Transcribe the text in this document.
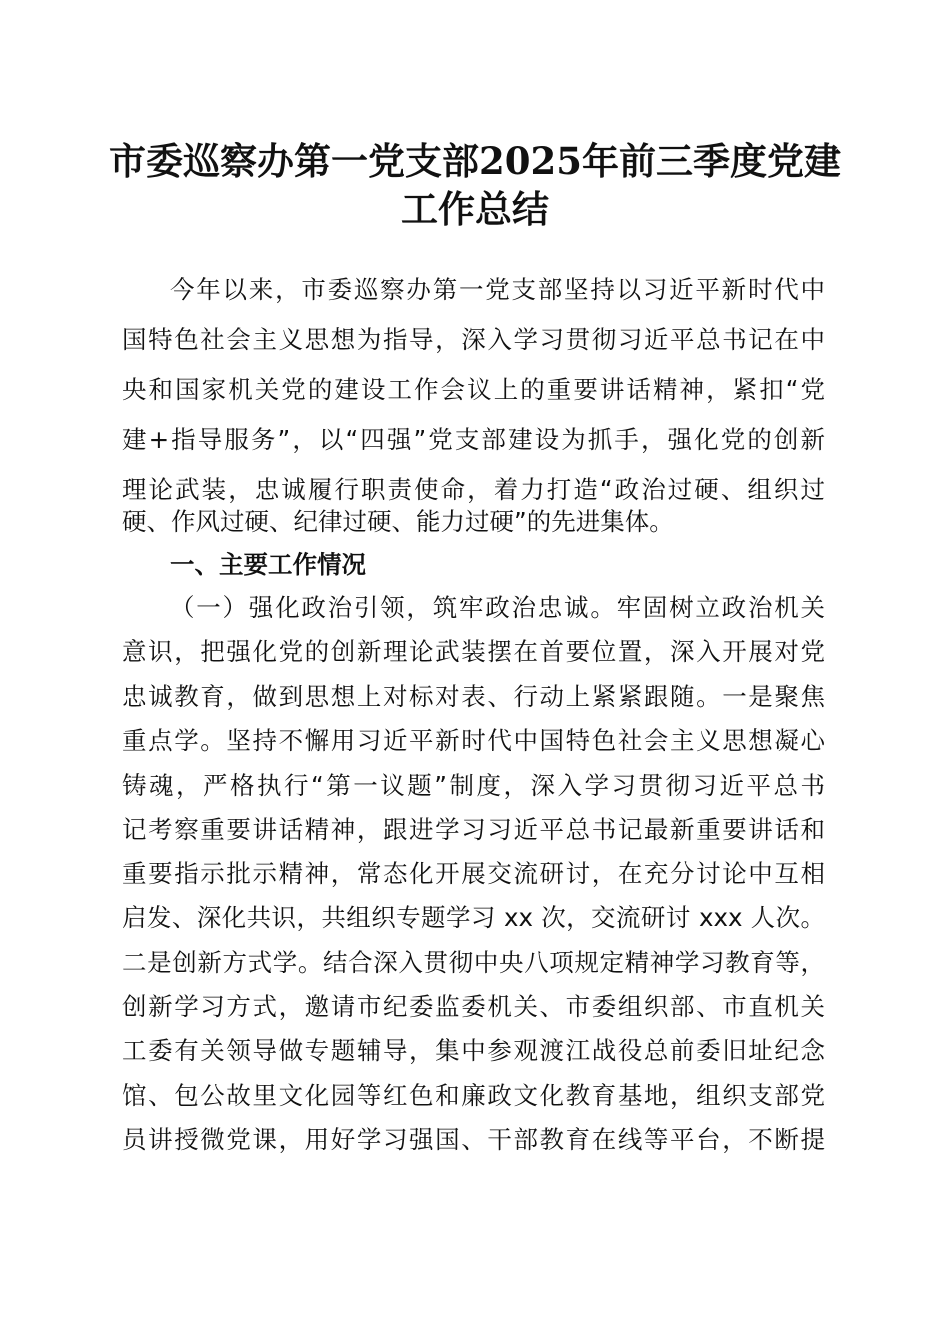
市委巡察办第一党支部2025年前三季度党建
工作总结
今年以来，市委巡察办第一党支部坚持以习近平新时代中
国特色社会主义思想为指导，深入学习贯彻习近平总书记在中
央和国家机关党的建设工作会议上的重要讲话精神，紧扣“党
建+指导服务”，以“四强”党支部建设为抓手，强化党的创新
理论武装，忠诚履行职责使命，着力打造“政治过硬、组织过
硬、作风过硬、纪律过硬、能力过硬”的先进集体。
一、主要工作情况
（一）强化政治引领，筑牢政治忠诚。牢固树立政治机关
意识，把强化党的创新理论武装摆在首要位置，深入开展对党
忠诚教育，做到思想上对标对表、行动上紧紧跟随。一是聚焦
重点学。坚持不懈用习近平新时代中国特色社会主义思想凝心
铸魂，严格执行“第一议题”制度，深入学习贯彻习近平总书
记考察重要讲话精神，跟进学习习近平总书记最新重要讲话和
重要指示批示精神，常态化开展交流研讨，在充分讨论中互相
启发、深化共识，共组织专题学习 xx 次，交流研讨 xxx 人次。
二是创新方式学。结合深入贯彻中央八项规定精神学习教育等，
创新学习方式，邀请市纪委监委机关、市委组织部、市直机关
工委有关领导做专题辅导，集中参观渡江战役总前委旧址纪念
馆、包公故里文化园等红色和廉政文化教育基地，组织支部党
员讲授微党课，用好学习强国、干部教育在线等平台，不断提
